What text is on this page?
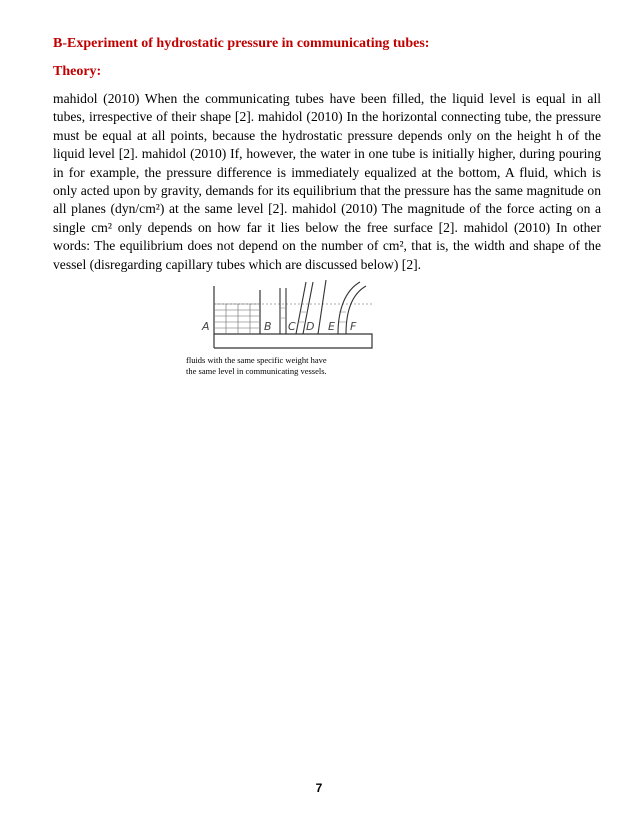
B-Experiment of hydrostatic pressure in communicating tubes:
Theory:

mahidol (2010) When the communicating tubes have been filled, the liquid level is equal in all tubes, irrespective of their shape [2]. mahidol (2010) In the horizontal connecting tube, the pressure must be equal at all points, because the hydrostatic pressure depends only on the height h of the liquid level [2]. mahidol (2010) If, however, the water in one tube is initially higher, during pouring in for example, the pressure difference is immediately equalized at the bottom, A fluid, which is only acted upon by gravity, demands for its equilibrium that the pressure has the same magnitude on all planes (dyn/cm²) at the same level [2]. mahidol (2010) The magnitude of the force acting on a single cm² only depends on how far it lies below the free surface [2]. mahidol (2010) In other words: The equilibrium does not depend on the number of cm², that is, the width and shape of the vessel (disregarding capillary tubes which are discussed below) [2].

A	B C D E F
fluids with the same specific weight have
the same level in communicating vessels.
7
